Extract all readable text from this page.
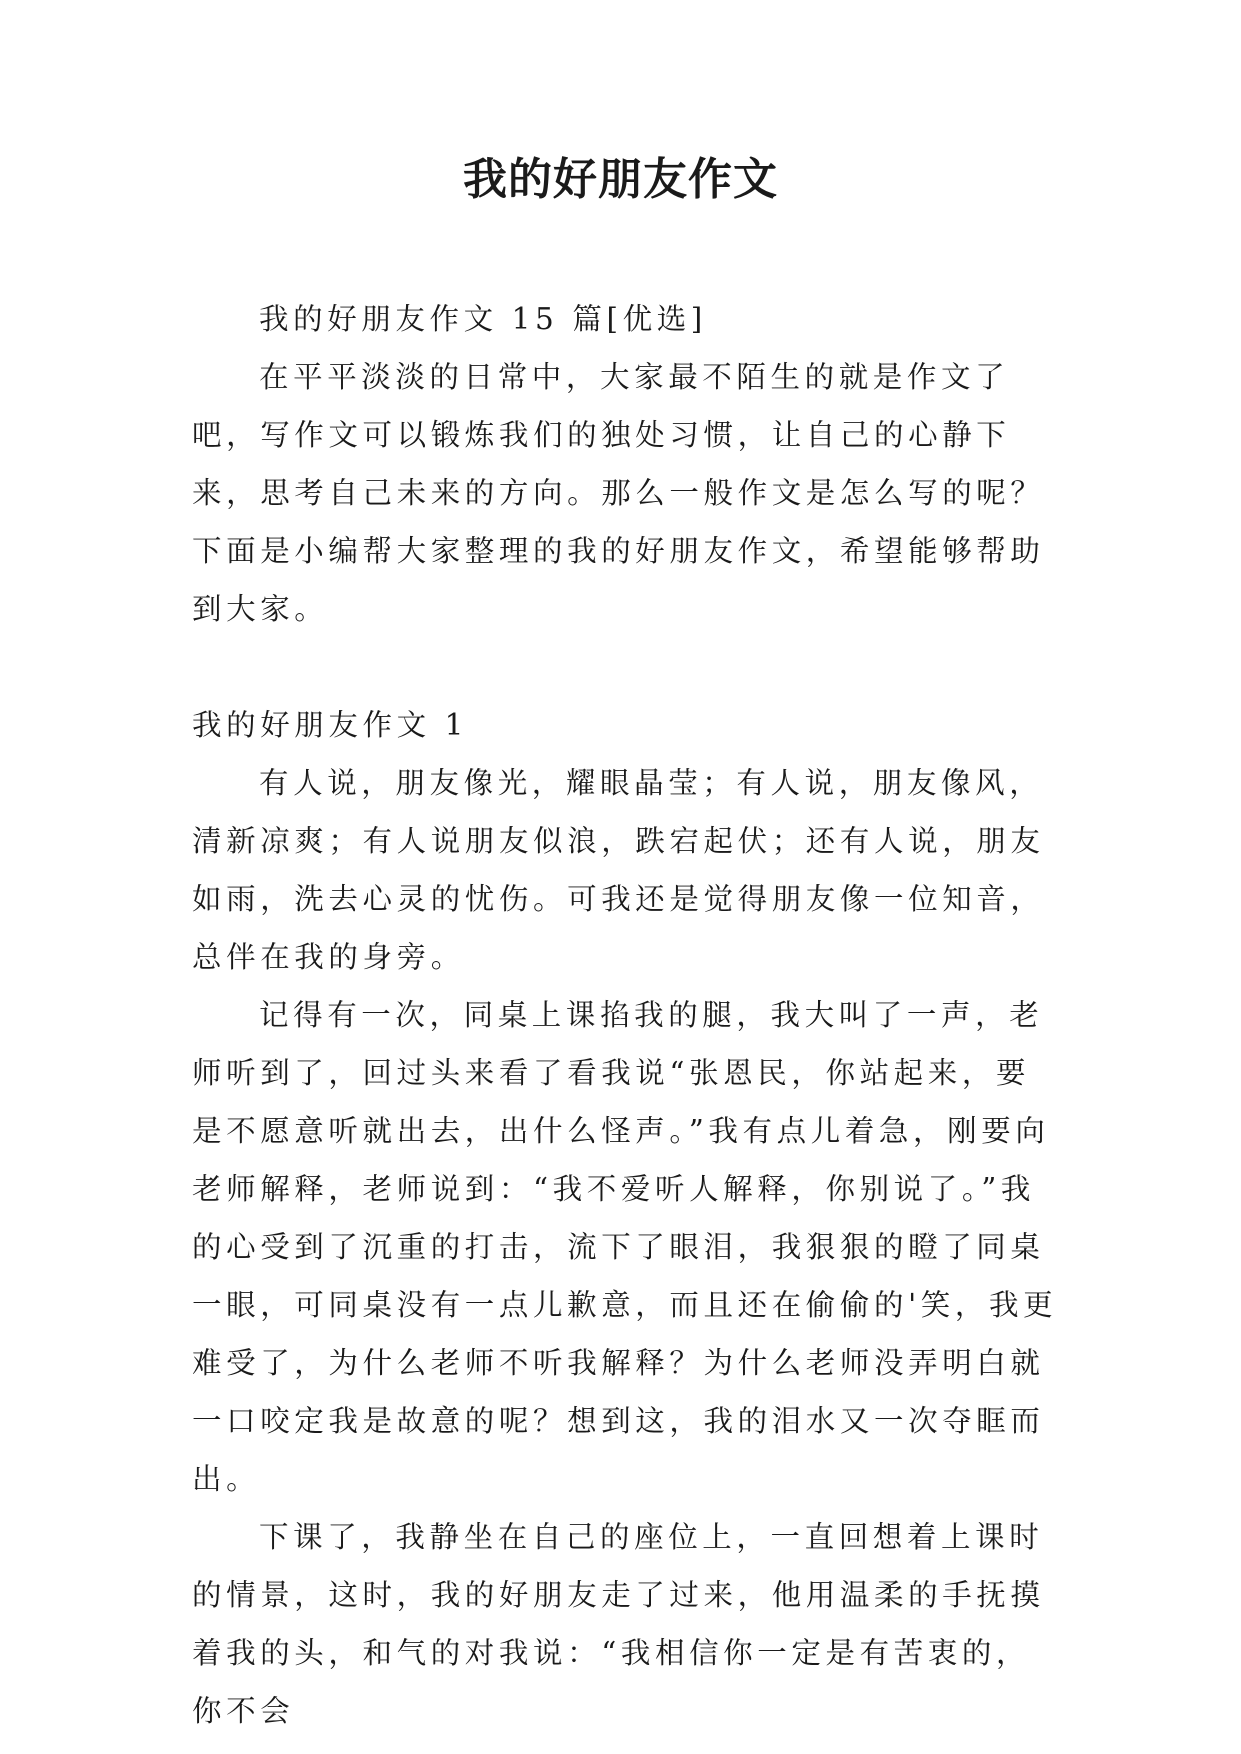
我的好朋友作文

我的好朋友作文 15 篇[优选]

在平平淡淡的日常中，大家最不陌生的就是作文了吧，写作文可以锻炼我们的独处习惯，让自己的心静下来，思考自己未来的方向。那么一般作文是怎么写的呢？下面是小编帮大家整理的我的好朋友作文，希望能够帮助到大家。

我的好朋友作文 1

有人说，朋友像光，耀眼晶莹；有人说，朋友像风，清新凉爽；有人说朋友似浪，跌宕起伏；还有人说，朋友如雨，洗去心灵的忧伤。可我还是觉得朋友像一位知音，总伴在我的身旁。

记得有一次，同桌上课掐我的腿，我大叫了一声，老师听到了，回过头来看了看我说“张恩民，你站起来，要是不愿意听就出去，出什么怪声。”我有点儿着急，刚要向老师解释，老师说到：“我不爱听人解释，你别说了。”我的心受到了沉重的打击，流下了眼泪，我狠狠的瞪了同桌一眼，可同桌没有一点儿歉意，而且还在偷偷的'笑，我更难受了，为什么老师不听我解释？为什么老师没弄明白就一口咬定我是故意的呢？想到这，我的泪水又一次夺眶而出。

下课了，我静坐在自己的座位上，一直回想着上课时的情景，这时，我的好朋友走了过来，他用温柔的手抚摸着我的头，和气的对我说：“我相信你一定是有苦衷的，你不会
